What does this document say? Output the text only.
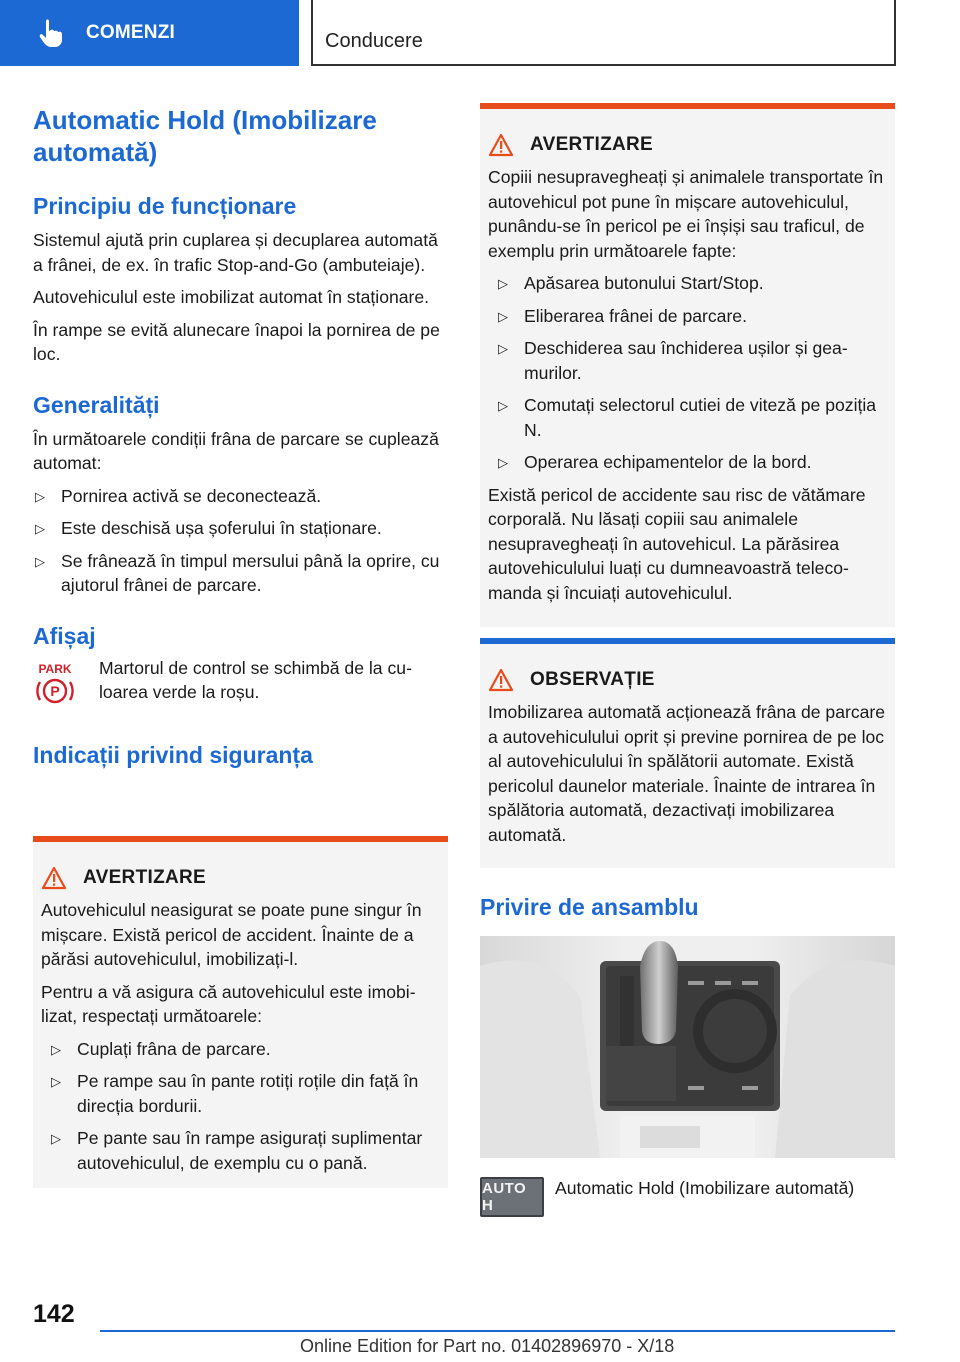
COMENZI	Conducere
Automatic Hold (Imobilizare automată)
Principiu de funcționare
Sistemul ajută prin cuplarea și decuplarea automată a frânei, de ex. în trafic Stop-and-Go (ambuteiaje).
Autovehiculul este imobilizat automat în staționare.
În rampe se evită alunecare înapoi la pornirea de pe loc.
Generalități
În următoarele condiții frâna de parcare se cuplează automat:
▷ Pornirea activă se deconectează.
▷ Este deschisă ușa șoferului în staționare.
▷ Se frânează în timpul mersului până la oprire, cu ajutorul frânei de parcare.
Afișaj
PARK
P
Martorul de control se schimbă de la culoarea verde la roșu.
Indicații privind siguranța
AVERTIZARE
Autovehiculul neasigurat se poate pune singur în mișcare. Există pericol de accident. Înainte de a părăsi autovehiculul, imobilizați-l.
Pentru a vă asigura că autovehiculul este imobilizat, respectați următoarele:
▷ Cuplați frâna de parcare.
▷ Pe rampe sau în pante rotiți roțile din față în direcția bordurii.
▷ Pe pante sau în rampe asigurați suplimentar autovehiculul, de exemplu cu o pană.
AVERTIZARE
Copiii nesupravegheați și animalele transportate în autovehicul pot pune în mișcare autovehiculul, punându-se în pericol pe ei înșiși sau traficul, de exemplu prin următoarele fapte:
▷ Apăsarea butonului Start/Stop.
▷ Eliberarea frânei de parcare.
▷ Deschiderea sau închiderea ușilor și geamurilor.
▷ Comutați selectorul cutiei de viteză pe poziția N.
▷ Operarea echipamentelor de la bord.
Există pericol de accidente sau risc de vătămare corporală. Nu lăsați copiii sau animalele nesupravegheați în autovehicul. La părăsirea autovehiculului luați cu dumneavoastră telecomanda și încuiați autovehiculul.
OBSERVAȚIE
Imobilizarea automată acționează frâna de parcare a autovehiculului oprit și previne pornirea de pe loc al autovehiculului în spălătorii automate. Există pericolul daunelor materiale. Înainte de intrarea în spălătoria automată, dezactivați imobilizarea automată.
Privire de ansamblu
AUTO H
Automatic Hold (Imobilizare automată)
142
Online Edition for Part no. 01402896970 - X/18
